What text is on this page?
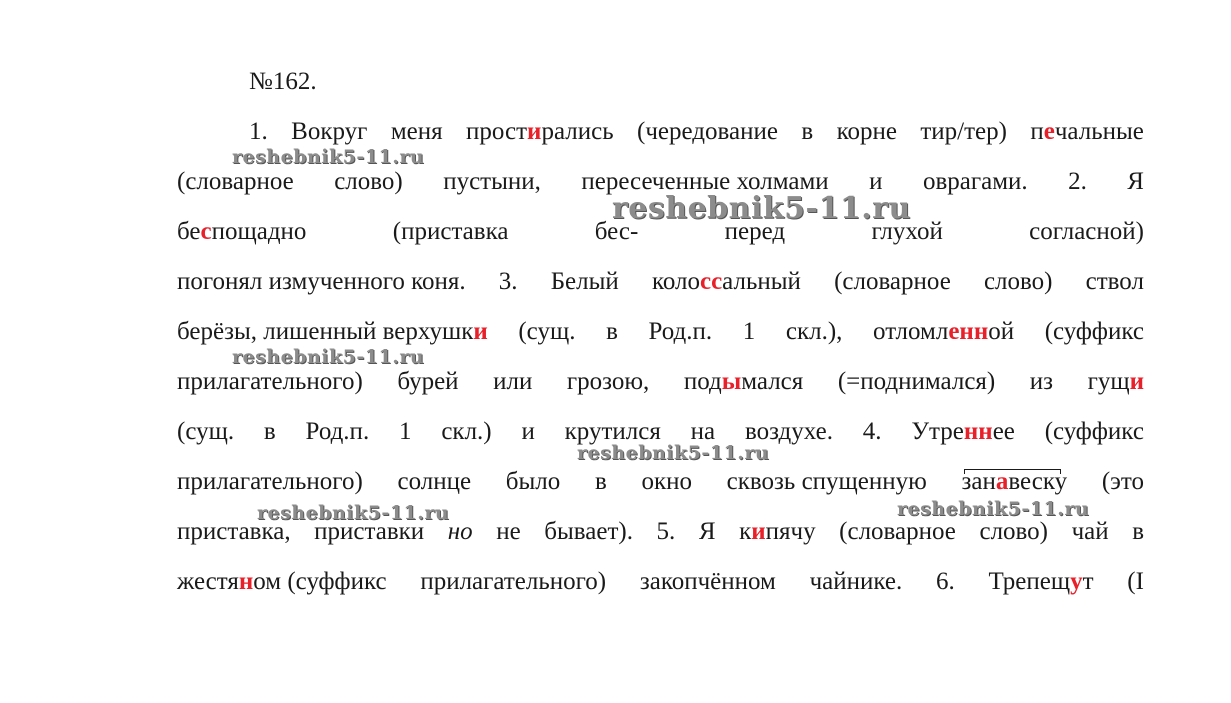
№162.
1. Вокруг меня простирались (чередование в корне тир/тер) печальные
(словарное слово) пустыни, пересеченные холмами и оврагами. 2. Я
беспощадно	(приставка	бес-	перед	глухой	согласной)
погонял измученного коня. 3. Белый колоссальный (словарное слово) ствол
берёзы, лишенный верхушки (сущ. в Род.п. 1 скл.), отломленной (суффикс
прилагательного) бурей или грозою, подымался (=поднимался) из гущи
(сущ. в Род.п. 1 скл.) и крутился на воздухе. 4. Утреннее (суффикс
прилагательного) солнце было в окно сквозь спущенную занавеску (это
приставка, приставки но не бывает). 5. Я кипячу (словарное слово) чай в
жестяном (суффикс прилагательного) закопчённом чайнике. 6. Трепещут (I
reshebnik5-11.ru
reshebnik5-11.ru
reshebnik5-11.ru
reshebnik5-11.ru
reshebnik5-11.ru	reshebnik5-11.ru
